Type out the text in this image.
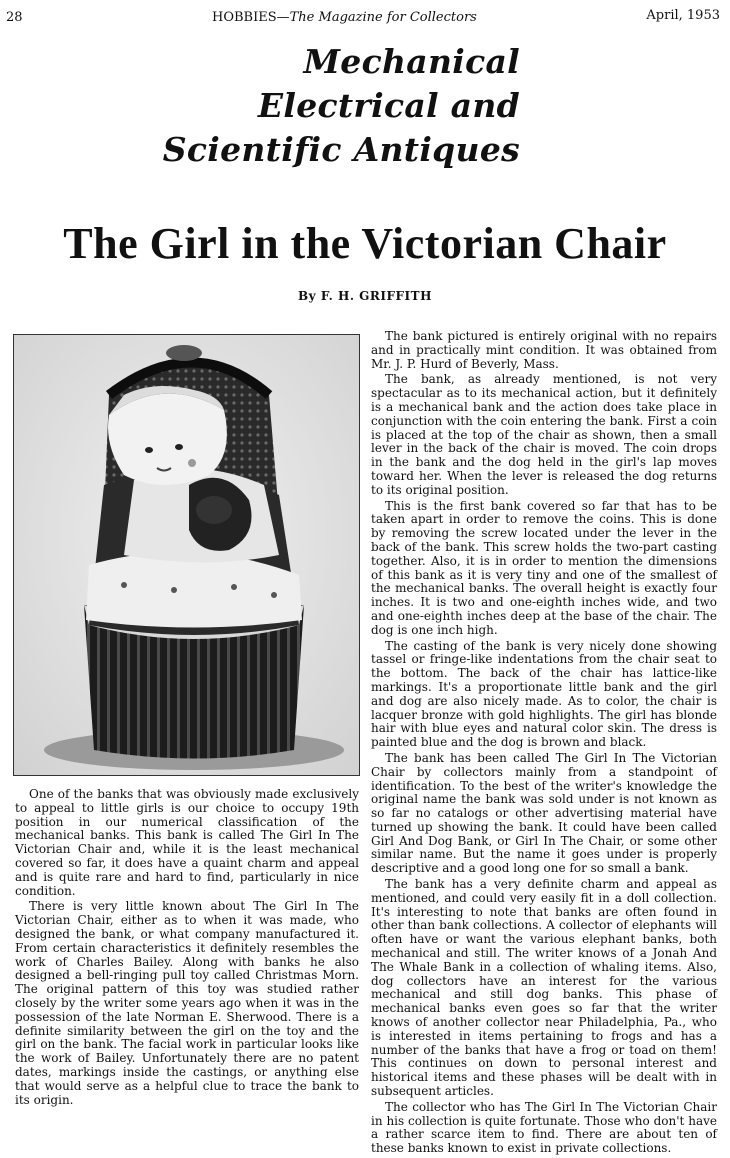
28	HOBBIES—The Magazine for Collectors	April, 1953
Mechanical
Electrical and
Scientific Antiques
The Girl in the Victorian Chair
By F. H. GRIFFITH

One of the banks that was obviously made exclusively to appeal to little girls is our choice to occupy 19th position in our numerical classification of the mechanical banks. This bank is called The Girl In The Victorian Chair and, while it is the least mechanical covered so far, it does have a quaint charm and appeal and is quite rare and hard to find, particularly in nice condition.

There is very little known about The Girl In The Victorian Chair, either as to when it was made, who designed the bank, or what company manufactured it. From certain characteristics it definitely resembles the work of Charles Bailey. Along with banks he also designed a bell-ringing pull toy called Christmas Morn. The original pattern of this toy was studied rather closely by the writer some years ago when it was in the possession of the late Norman E. Sherwood. There is a definite similarity between the girl on the toy and the girl on the bank. The facial work in particular looks like the work of Bailey. Unfortunately there are no patent dates, markings inside the castings, or anything else that would serve as a helpful clue to trace the bank to its origin.

The bank pictured is entirely original with no repairs and in practically mint condition. It was obtained from Mr. J. P. Hurd of Beverly, Mass.

The bank, as already mentioned, is not very spectacular as to its mechanical action, but it definitely is a mechanical bank and the action does take place in conjunction with the coin entering the bank. First a coin is placed at the top of the chair as shown, then a small lever in the back of the chair is moved. The coin drops in the bank and the dog held in the girl's lap moves toward her. When the lever is released the dog returns to its original position.

This is the first bank covered so far that has to be taken apart in order to remove the coins. This is done by removing the screw located under the lever in the back of the bank. This screw holds the two-part casting together. Also, it is in order to mention the dimensions of this bank as it is very tiny and one of the smallest of the mechanical banks. The overall height is exactly four inches. It is two and one-eighth inches wide, and two and one-eighth inches deep at the base of the chair. The dog is one inch high.

The casting of the bank is very nicely done showing tassel or fringe-like indentations from the chair seat to the bottom. The back of the chair has lattice-like markings. It's a proportionate little bank and the girl and dog are also nicely made. As to color, the chair is lacquer bronze with gold highlights. The girl has blonde hair with blue eyes and natural color skin. The dress is painted blue and the dog is brown and black.

The bank has been called The Girl In The Victorian Chair by collectors mainly from a standpoint of identification. To the best of the writer's knowledge the original name the bank was sold under is not known as so far no catalogs or other advertising material have turned up showing the bank. It could have been called Girl And Dog Bank, or Girl In The Chair, or some other similar name. But the name it goes under is properly descriptive and a good long one for so small a bank.

The bank has a very definite charm and appeal as mentioned, and could very easily fit in a doll collection. It's interesting to note that banks are often found in other than bank collections. A collector of elephants will often have or want the various elephant banks, both mechanical and still. The writer knows of a Jonah And The Whale Bank in a collection of whaling items. Also, dog collectors have an interest for the various mechanical and still dog banks. This phase of mechanical banks even goes so far that the writer knows of another collector near Philadelphia, Pa., who is interested in items pertaining to frogs and has a number of the banks that have a frog or toad on them! This continues on down to personal interest and historical items and these phases will be dealt with in subsequent articles.

The collector who has The Girl In The Victorian Chair in his collection is quite fortunate. Those who don't have a rather scarce item to find. There are about ten of these banks known to exist in private collections.
